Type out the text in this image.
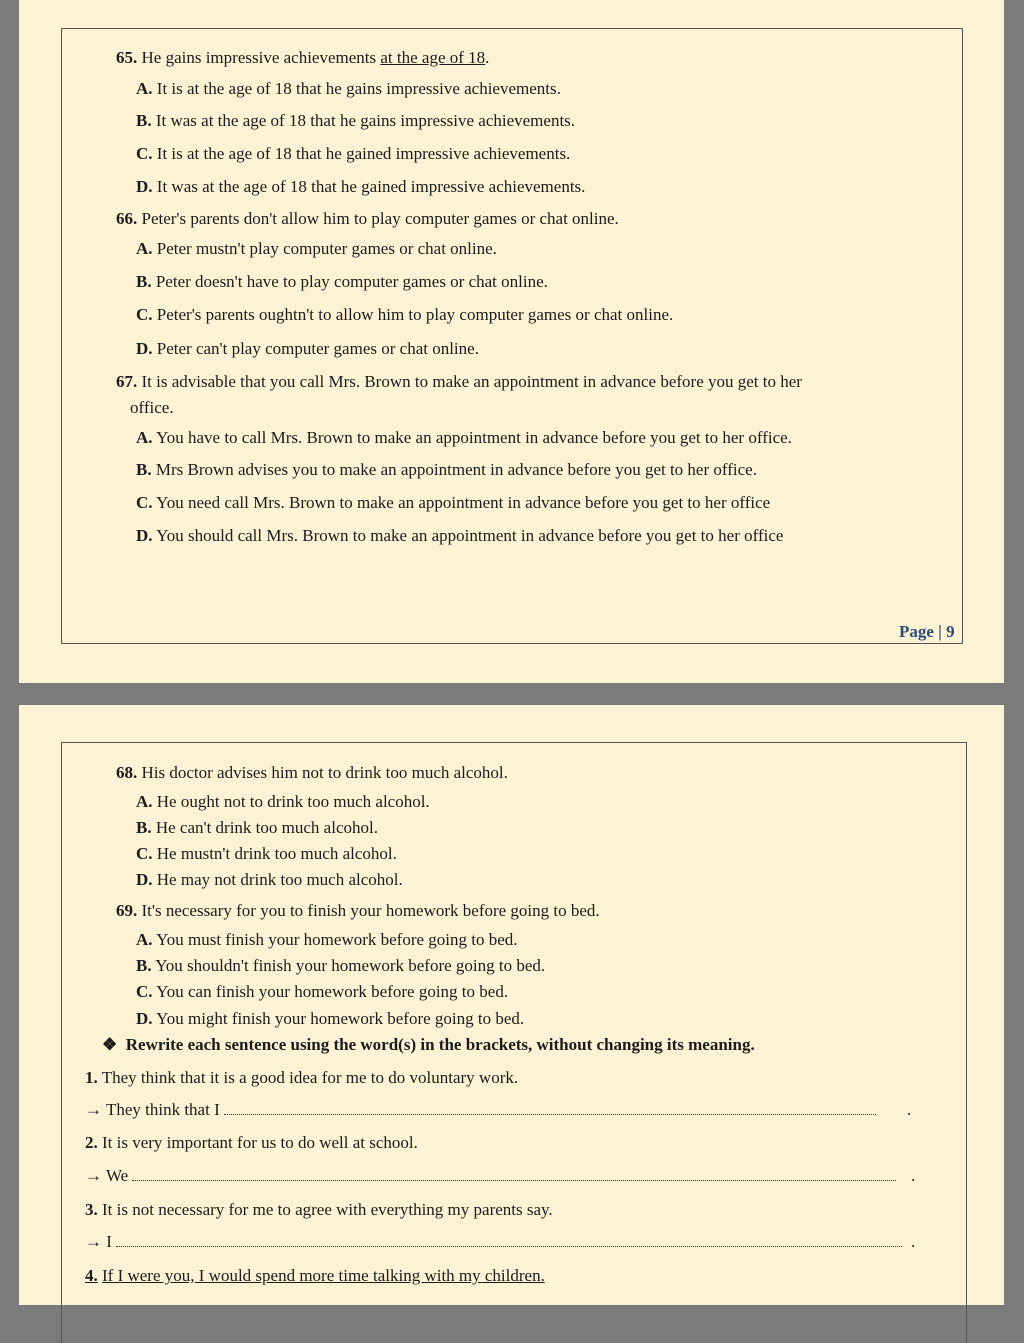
65. He gains impressive achievements at the age of 18.
A. It is at the age of 18 that he gains impressive achievements.
B. It was at the age of 18 that he gains impressive achievements.
C. It is at the age of 18 that he gained impressive achievements.
D. It was at the age of 18 that he gained impressive achievements.
66. Peter's parents don't allow him to play computer games or chat online.
A. Peter mustn't play computer games or chat online.
B. Peter doesn't have to play computer games or chat online.
C. Peter's parents oughtn't to allow him to play computer games or chat online.
D. Peter can't play computer games or chat online.
67. It is advisable that you call Mrs. Brown to make an appointment in advance before you get to her
office.
A. You have to call Mrs. Brown to make an appointment in advance before you get to her office.
B. Mrs Brown advises you to make an appointment in advance before you get to her office.
C. You need call Mrs. Brown to make an appointment in advance before you get to her office
D. You should call Mrs. Brown to make an appointment in advance before you get to her office
Page | 9
68. His doctor advises him not to drink too much alcohol.
A. He ought not to drink too much alcohol.
B. He can't drink too much alcohol.
C. He mustn't drink too much alcohol.
D. He may not drink too much alcohol.
69. It's necessary for you to finish your homework before going to bed.
A. You must finish your homework before going to bed.
B. You shouldn't finish your homework before going to bed.
C. You can finish your homework before going to bed.
D. You might finish your homework before going to bed.
❖ Rewrite each sentence using the word(s) in the brackets, without changing its meaning.
1. They think that it is a good idea for me to do voluntary work.
→ They think that I	.
2. It is very important for us to do well at school.
→ We	.
3. It is not necessary for me to agree with everything my parents say.
→ I	.
4. If I were you, I would spend more time talking with my children.
